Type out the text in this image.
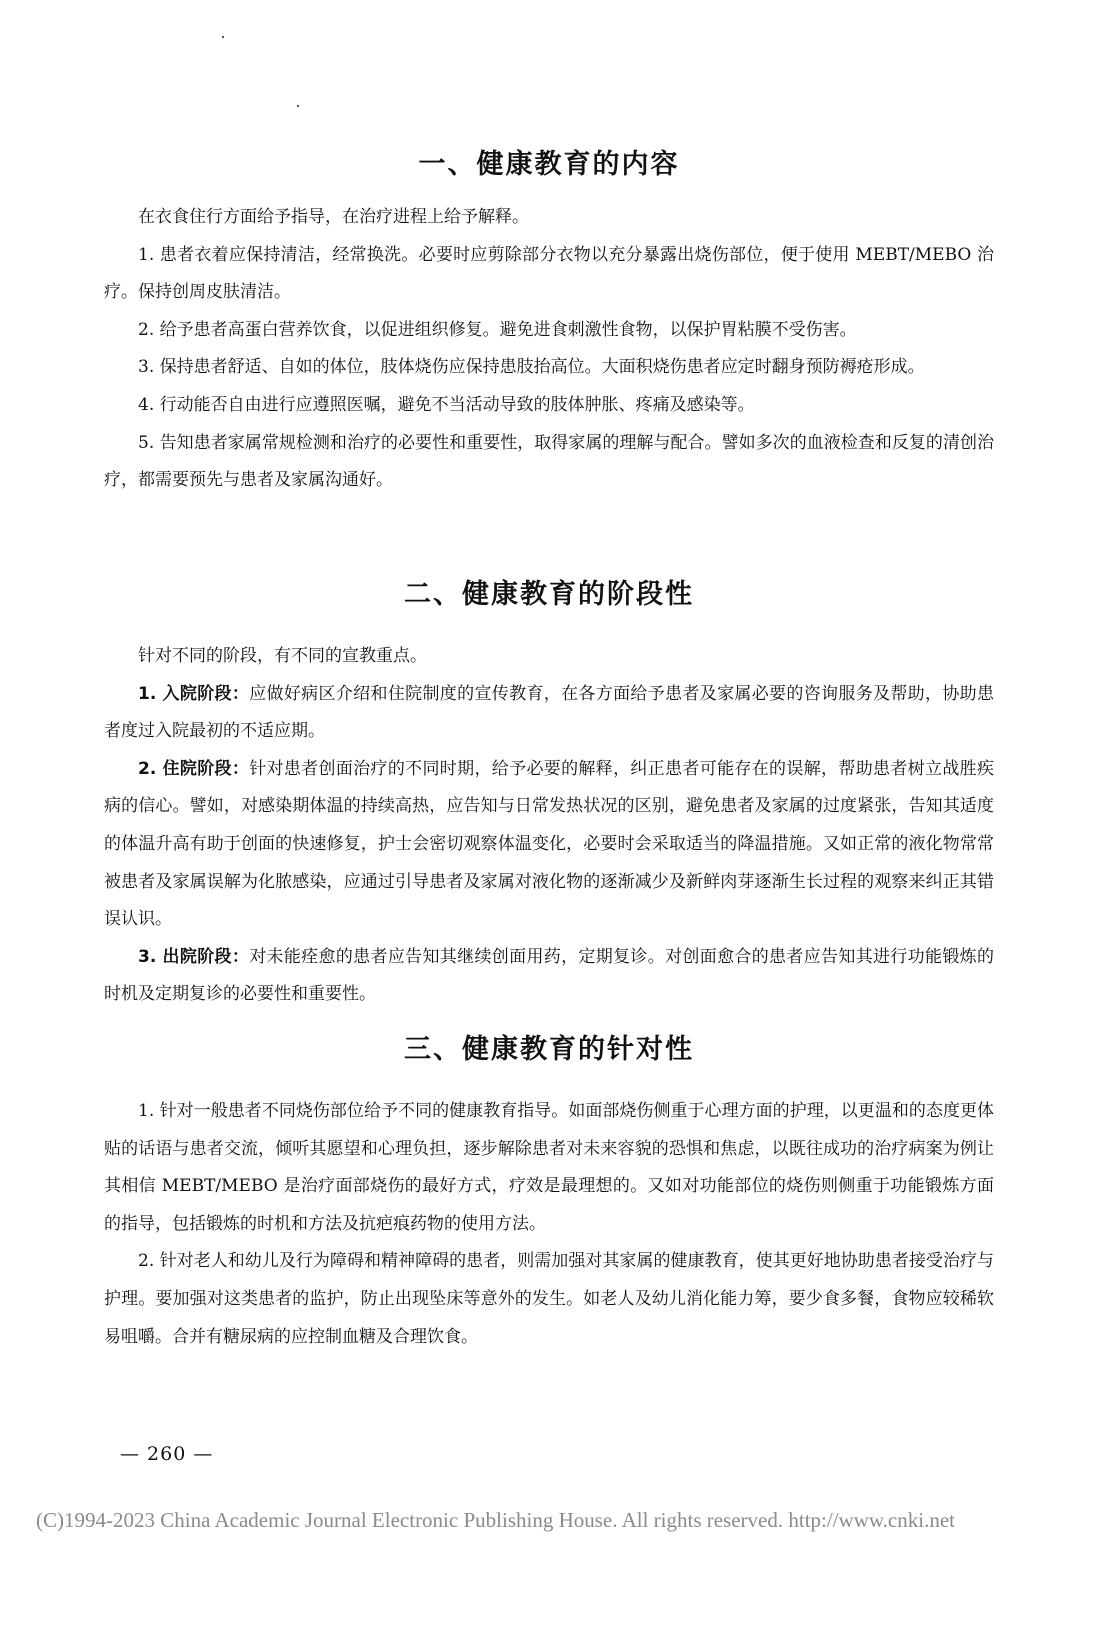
一、健康教育的内容

在衣食住行方面给予指导，在治疗进程上给予解释。

1. 患者衣着应保持清洁，经常换洗。必要时应剪除部分衣物以充分暴露出烧伤部位，便于使用 MEBT/MEBO 治疗。保持创周皮肤清洁。

2. 给予患者高蛋白营养饮食，以促进组织修复。避免进食刺激性食物，以保护胃粘膜不受伤害。

3. 保持患者舒适、自如的体位，肢体烧伤应保持患肢抬高位。大面积烧伤患者应定时翻身预防褥疮形成。

4. 行动能否自由进行应遵照医嘱，避免不当活动导致的肢体肿胀、疼痛及感染等。

5. 告知患者家属常规检测和治疗的必要性和重要性，取得家属的理解与配合。譬如多次的血液检查和反复的清创治疗，都需要预先与患者及家属沟通好。

二、健康教育的阶段性

针对不同的阶段，有不同的宣教重点。

1. 入院阶段：应做好病区介绍和住院制度的宣传教育，在各方面给予患者及家属必要的咨询服务及帮助，协助患者度过入院最初的不适应期。

2. 住院阶段：针对患者创面治疗的不同时期，给予必要的解释，纠正患者可能存在的误解，帮助患者树立战胜疾病的信心。譬如，对感染期体温的持续高热，应告知与日常发热状况的区别，避免患者及家属的过度紧张，告知其适度的体温升高有助于创面的快速修复，护士会密切观察体温变化，必要时会采取适当的降温措施。又如正常的液化物常常被患者及家属误解为化脓感染，应通过引导患者及家属对液化物的逐渐减少及新鲜肉芽逐渐生长过程的观察来纠正其错误认识。

3. 出院阶段：对未能痊愈的患者应告知其继续创面用药，定期复诊。对创面愈合的患者应告知其进行功能锻炼的时机及定期复诊的必要性和重要性。

三、健康教育的针对性

1. 针对一般患者不同烧伤部位给予不同的健康教育指导。如面部烧伤侧重于心理方面的护理，以更温和的态度更体贴的话语与患者交流，倾听其愿望和心理负担，逐步解除患者对未来容貌的恐惧和焦虑，以既往成功的治疗病案为例让其相信 MEBT/MEBO 是治疗面部烧伤的最好方式，疗效是最理想的。又如对功能部位的烧伤则侧重于功能锻炼方面的指导，包括锻炼的时机和方法及抗疤痕药物的使用方法。

2. 针对老人和幼儿及行为障碍和精神障碍的患者，则需加强对其家属的健康教育，使其更好地协助患者接受治疗与护理。要加强对这类患者的监护，防止出现坠床等意外的发生。如老人及幼儿消化能力筹，要少食多餐，食物应较稀软易咀嚼。合并有糖尿病的应控制血糖及合理饮食。

— 260 —
(C)1994-2023 China Academic Journal Electronic Publishing House. All rights reserved. http://www.cnki.net
